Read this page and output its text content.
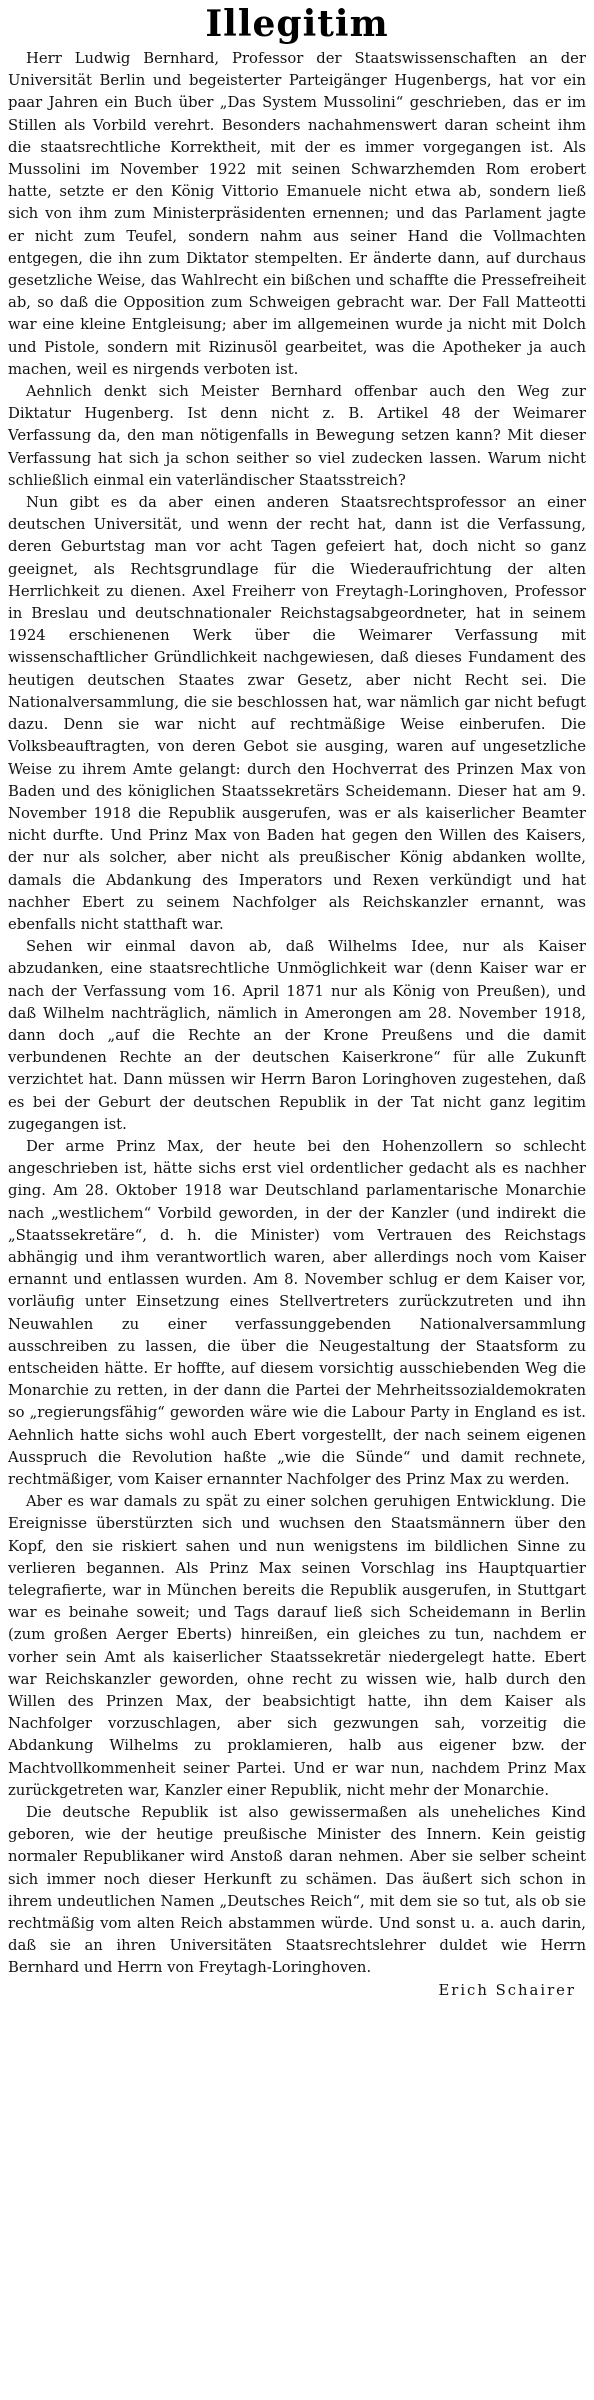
Illegitim

Herr Ludwig Bernhard, Professor der Staatswissenschaften an der Universität Berlin und begeisterter Parteigänger Hugenbergs, hat vor ein paar Jahren ein Buch über „Das System Mussolini“ geschrieben, das er im Stillen als Vorbild verehrt. Besonders nachahmenswert daran scheint ihm die staatsrechtliche Korrektheit, mit der es immer vorgegangen ist. Als Mussolini im November 1922 mit seinen Schwarzhemden Rom erobert hatte, setzte er den König Vittorio Emanuele nicht etwa ab, sondern ließ sich von ihm zum Ministerpräsidenten ernennen; und das Parlament jagte er nicht zum Teufel, sondern nahm aus seiner Hand die Vollmachten entgegen, die ihn zum Diktator stempelten. Er änderte dann, auf durchaus gesetzliche Weise, das Wahlrecht ein bißchen und schaffte die Pressefreiheit ab, so daß die Opposition zum Schweigen gebracht war. Der Fall Matteotti war eine kleine Entgleisung; aber im allgemeinen wurde ja nicht mit Dolch und Pistole, sondern mit Rizinusöl gearbeitet, was die Apotheker ja auch machen, weil es nirgends verboten ist.

Aehnlich denkt sich Meister Bernhard offenbar auch den Weg zur Diktatur Hugenberg. Ist denn nicht z. B. Artikel 48 der Weimarer Verfassung da, den man nötigenfalls in Bewegung setzen kann? Mit dieser Verfassung hat sich ja schon seither so viel zudecken lassen. Warum nicht schließlich einmal ein vaterländischer Staatsstreich?

Nun gibt es da aber einen anderen Staatsrechtsprofessor an einer deutschen Universität, und wenn der recht hat, dann ist die Verfassung, deren Geburtstag man vor acht Tagen gefeiert hat, doch nicht so ganz geeignet, als Rechtsgrundlage für die Wiederaufrichtung der alten Herrlichkeit zu dienen. Axel Freiherr von Freytagh-Loringhoven, Professor in Breslau und deutschnationaler Reichstagsabgeordneter, hat in seinem 1924 erschienenen Werk über die Weimarer Verfassung mit wissenschaftlicher Gründlichkeit nachgewiesen, daß dieses Fundament des heutigen deutschen Staates zwar Gesetz, aber nicht Recht sei. Die Nationalversammlung, die sie beschlossen hat, war nämlich gar nicht befugt dazu. Denn sie war nicht auf rechtmäßige Weise einberufen. Die Volksbeauftragten, von deren Gebot sie ausging, waren auf ungesetzliche Weise zu ihrem Amte gelangt: durch den Hochverrat des Prinzen Max von Baden und des königlichen Staatssekretärs Scheidemann. Dieser hat am 9. November 1918 die Republik ausgerufen, was er als kaiserlicher Beamter nicht durfte. Und Prinz Max von Baden hat gegen den Willen des Kaisers, der nur als solcher, aber nicht als preußischer König abdanken wollte, damals die Abdankung des Imperators und Rexen verkündigt und hat nachher Ebert zu seinem Nachfolger als Reichskanzler ernannt, was ebenfalls nicht statthaft war.

Sehen wir einmal davon ab, daß Wilhelms Idee, nur als Kaiser abzudanken, eine staatsrechtliche Unmöglichkeit war (denn Kaiser war er nach der Verfassung vom 16. April 1871 nur als König von Preußen), und daß Wilhelm nachträglich, nämlich in Amerongen am 28. November 1918, dann doch „auf die Rechte an der Krone Preußens und die damit verbundenen Rechte an der deutschen Kaiserkrone“ für alle Zukunft verzichtet hat. Dann müssen wir Herrn Baron Loringhoven zugestehen, daß es bei der Geburt der deutschen Republik in der Tat nicht ganz legitim zugegangen ist.

Der arme Prinz Max, der heute bei den Hohenzollern so schlecht angeschrieben ist, hätte sichs erst viel ordentlicher gedacht als es nachher ging. Am 28. Oktober 1918 war Deutschland parlamentarische Monarchie nach „westlichem“ Vorbild geworden, in der der Kanzler (und indirekt die „Staatssekretäre“, d. h. die Minister) vom Vertrauen des Reichstags abhängig und ihm verantwortlich waren, aber allerdings noch vom Kaiser ernannt und entlassen wurden. Am 8. November schlug er dem Kaiser vor, vorläufig unter Einsetzung eines Stellvertreters zurückzutreten und ihn Neuwahlen zu einer verfassunggebenden Nationalversammlung ausschreiben zu lassen, die über die Neugestaltung der Staatsform zu entscheiden hätte. Er hoffte, auf diesem vorsichtig ausschiebenden Weg die Monarchie zu retten, in der dann die Partei der Mehrheitssozialdemokraten so „regierungsfähig“ geworden wäre wie die Labour Party in England es ist. Aehnlich hatte sichs wohl auch Ebert vorgestellt, der nach seinem eigenen Ausspruch die Revolution haßte „wie die Sünde“ und damit rechnete, rechtmäßiger, vom Kaiser ernannter Nachfolger des Prinz Max zu werden.

Aber es war damals zu spät zu einer solchen geruhigen Entwicklung. Die Ereignisse überstürzten sich und wuchsen den Staatsmännern über den Kopf, den sie riskiert sahen und nun wenigstens im bildlichen Sinne zu verlieren begannen. Als Prinz Max seinen Vorschlag ins Hauptquartier telegrafierte, war in München bereits die Republik ausgerufen, in Stuttgart war es beinahe soweit; und Tags darauf ließ sich Scheidemann in Berlin (zum großen Aerger Eberts) hinreißen, ein gleiches zu tun, nachdem er vorher sein Amt als kaiserlicher Staatssekretär niedergelegt hatte. Ebert war Reichskanzler geworden, ohne recht zu wissen wie, halb durch den Willen des Prinzen Max, der beabsichtigt hatte, ihn dem Kaiser als Nachfolger vorzuschlagen, aber sich gezwungen sah, vorzeitig die Abdankung Wilhelms zu proklamieren, halb aus eigener bzw. der Machtvollkommenheit seiner Partei. Und er war nun, nachdem Prinz Max zurückgetreten war, Kanzler einer Republik, nicht mehr der Monarchie.

Die deutsche Republik ist also gewissermaßen als uneheliches Kind geboren, wie der heutige preußische Minister des Innern. Kein geistig normaler Republikaner wird Anstoß daran nehmen. Aber sie selber scheint sich immer noch dieser Herkunft zu schämen. Das äußert sich schon in ihrem undeutlichen Namen „Deutsches Reich“, mit dem sie so tut, als ob sie rechtmäßig vom alten Reich abstammen würde. Und sonst u. a. auch darin, daß sie an ihren Universitäten Staatsrechtslehrer duldet wie Herrn Bernhard und Herrn von Freytagh-Loringhoven.

Erich Schairer
